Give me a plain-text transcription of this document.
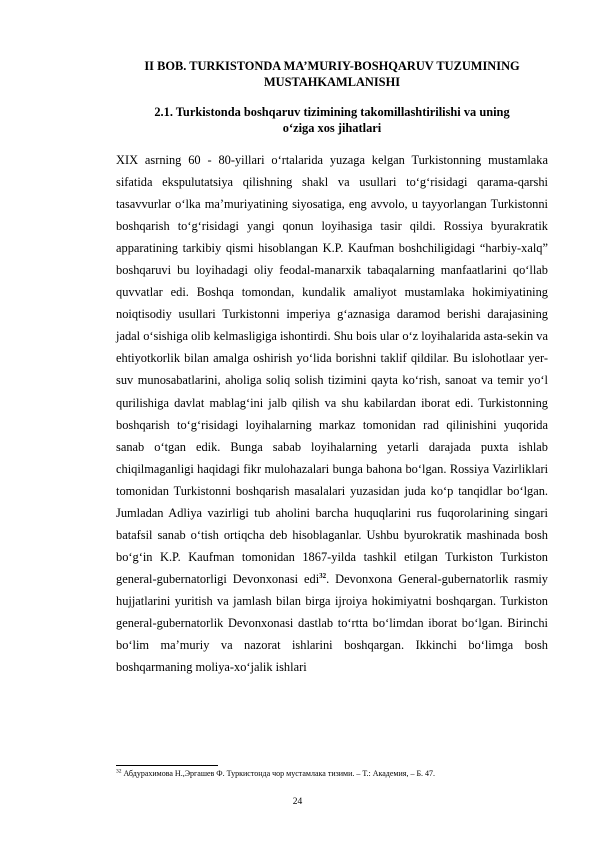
II BOB. TURKISTONDA MA’MURIY-BOSHQARUV TUZUMINING
MUSTAHKAMLANISHI
2.1. Turkistonda boshqaruv tizimining takomillashtirilishi va uning
o‘ziga xos jihatlari

XIX asrning 60 - 80-yillari o‘rtalarida yuzaga kelgan Turkistonning mustamlaka sifatida ekspulutatsiya qilishning shakl va usullari to‘g‘risidagi qarama-qarshi tasavvurlar o‘lka ma’muriyatining siyosatiga, eng avvolo, u tayyorlangan Turkistonni boshqarish to‘g‘risidagi yangi qonun loyihasiga tasir qildi. Rossiya byurakratik apparatining tarkibiy qismi hisoblangan K.P. Kaufman boshchiligidagi “harbiy-xalq” boshqaruvi bu loyihadagi oliy feodal-manarxik tabaqalarning manfaatlarini qo‘llab quvvatlar edi. Boshqa tomondan, kundalik amaliyot mustamlaka hokimiyatining noiqtisodiy usullari Turkistonni imperiya g‘aznasiga daramod berishi darajasining jadal o‘sishiga olib kelmasligiga ishontirdi. Shu bois ular o‘z loyihalarida asta-sekin va ehtiyotkorlik bilan amalga oshirish yo‘lida borishni taklif qildilar. Bu islohotlaar yer-suv munosabatlarini, aholiga soliq solish tizimini qayta ko‘rish, sanoat va temir yo‘l qurilishiga davlat mablag‘ini jalb qilish va shu kabilardan iborat edi. Turkistonning boshqarish to‘g‘risidagi loyihalarning markaz tomonidan rad qilinishini yuqorida sanab o‘tgan edik. Bunga sabab loyihalarning yetarli darajada puxta ishlab chiqilmaganligi haqidagi fikr mulohazalari bunga bahona bo‘lgan. Rossiya Vazirliklari tomonidan Turkistonni boshqarish masalalari yuzasidan juda ko‘p tanqidlar bo‘lgan. Jumladan Adliya vazirligi tub aholini barcha huquqlarini rus fuqorolarining singari batafsil sanab o‘tish ortiqcha deb hisoblaganlar. Ushbu byurokratik mashinada bosh bo‘g‘in K.P. Kaufman tomonidan 1867-yilda tashkil etilgan Turkiston Turkiston general-gubernatorligi Devonxonasi edi$^{32}$. Devonxona General-gubernatorlik rasmiy hujjatlarini yuritish va jamlash bilan birga ijroiya hokimiyatni boshqargan. Turkiston general-gubernatorlik Devonxonasi dastlab to‘rtta bo‘limdan iborat bo‘lgan. Birinchi bo‘lim ma’muriy va nazorat ishlarini boshqargan. Ikkinchi bo‘limga bosh boshqarmaning moliya-xo‘jalik ishlari

$^{32}$ Абдурахимова Н.,Эргашев Ф. Туркистонда чор мустамлака тизими. – Т.: Академия, – Б. 47.
24
